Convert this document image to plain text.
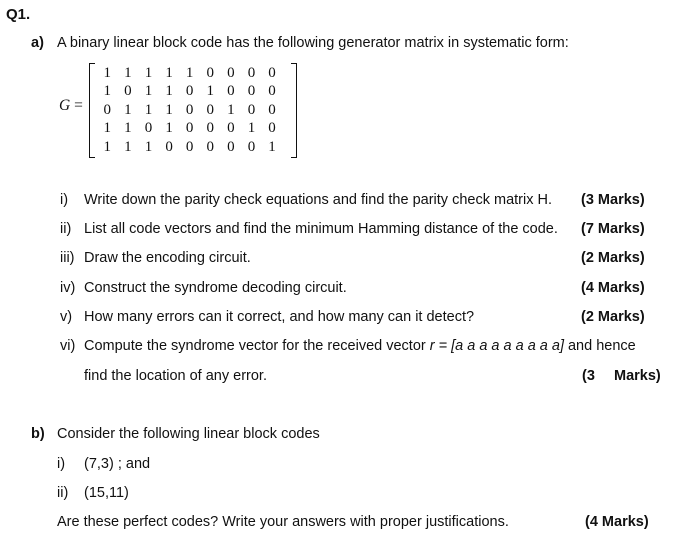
Q1.
a) A binary linear block code has the following generator matrix in systematic form:
G =
1 1 1 1 1 0 0 0 0
1 0 1 1 0 1 0 0 0
0 1 1 1 0 0 1 0 0
1 1 0 1 0 0 0 1 0
1 1 1 0 0 0 0 0 1
i) Write down the parity check equations and find the parity check matrix H. (3 Marks)
ii) List all code vectors and find the minimum Hamming distance of the code. (7 Marks)
iii) Draw the encoding circuit.	(2 Marks)
iv) Construct the syndrome decoding circuit.	(4 Marks)
v) How many errors can it correct, and how many can it detect?	(2 Marks)
vi) Compute the syndrome vector for the received vector r = [a a a a a a a a a] and hence
find the location of any error.	(3 Marks)
b) Consider the following linear block codes
i) (7,3) ; and
ii) (15,11)
Are these perfect codes? Write your answers with proper justifications.	(4 Marks)
